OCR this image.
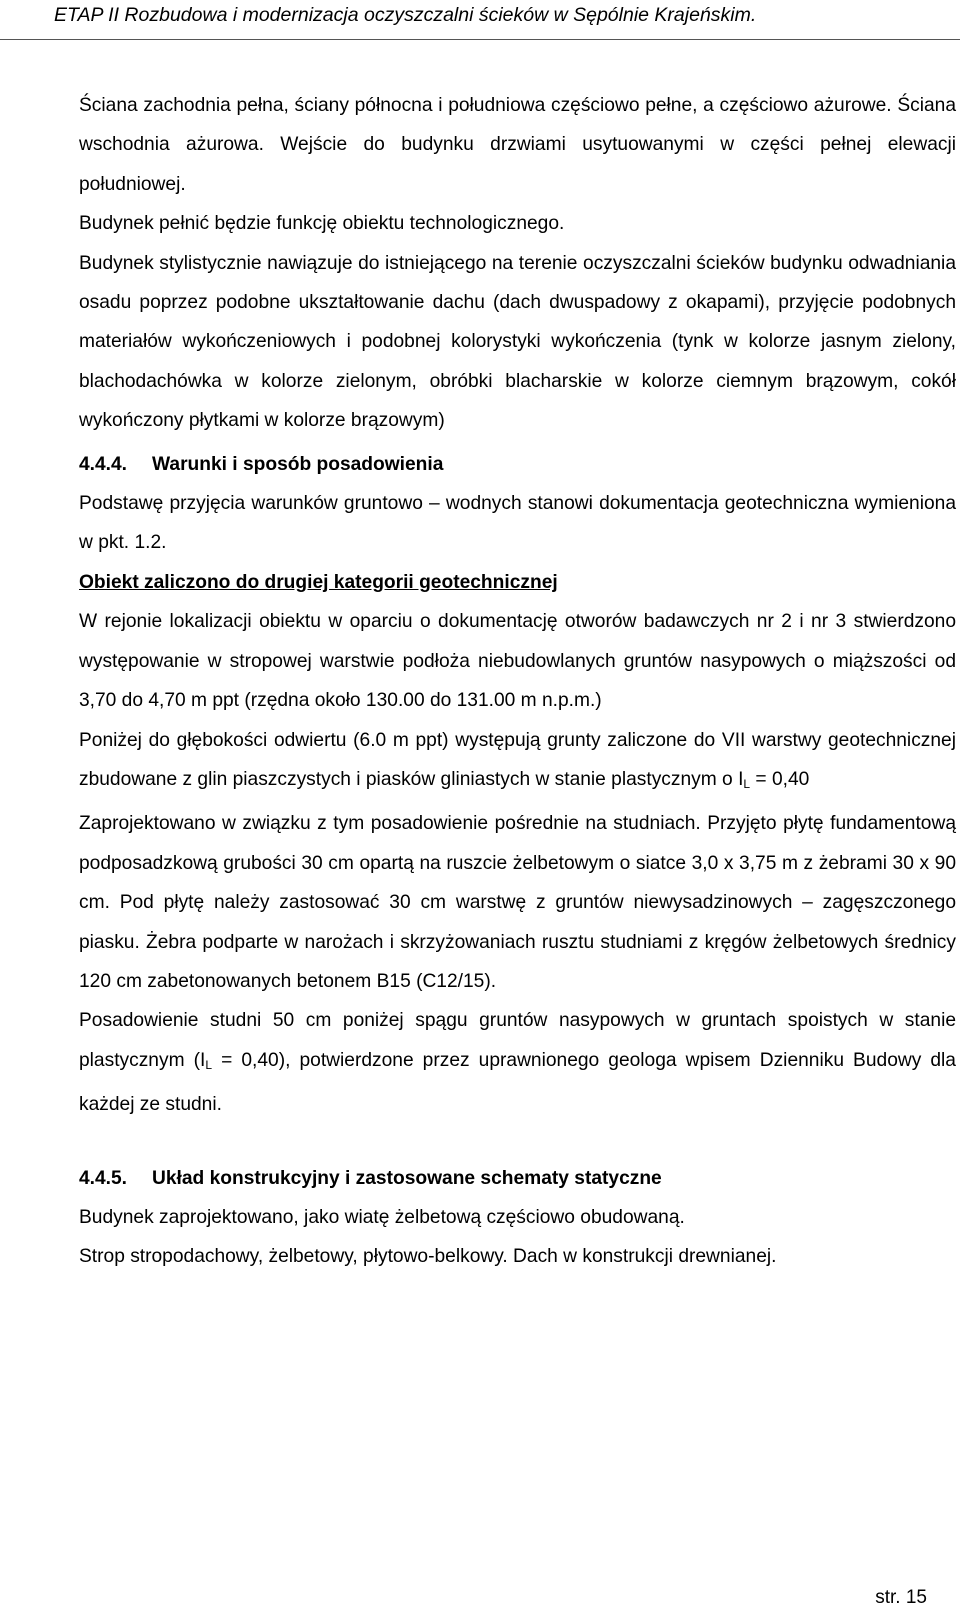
ETAP II Rozbudowa i modernizacja oczyszczalni ścieków w Sępólnie Krajeńskim.

Ściana zachodnia pełna, ściany północna i południowa częściowo pełne, a częściowo ażurowe. Ściana wschodnia ażurowa. Wejście do budynku drzwiami usytuowanymi w części pełnej elewacji południowej.

Budynek pełnić będzie funkcję obiektu technologicznego.

Budynek stylistycznie nawiązuje do istniejącego na terenie oczyszczalni ścieków budynku odwadniania osadu poprzez podobne ukształtowanie dachu (dach dwuspadowy z okapami), przyjęcie podobnych materiałów wykończeniowych i podobnej kolorystyki wykończenia (tynk w kolorze jasnym zielony, blachodachówka w kolorze zielonym, obróbki blacharskie w kolorze ciemnym brązowym, cokół wykończony płytkami w kolorze brązowym)

4.4.4. Warunki i sposób posadowienia

Podstawę przyjęcia warunków gruntowo – wodnych stanowi dokumentacja geotechniczna wymieniona w pkt. 1.2.

Obiekt zaliczono do drugiej kategorii geotechnicznej

W rejonie lokalizacji obiektu w oparciu o dokumentację otworów badawczych nr 2 i nr 3 stwierdzono występowanie w stropowej warstwie podłoża niebudowlanych gruntów nasypowych o miąższości od 3,70 do 4,70 m ppt (rzędna około 130.00 do 131.00 m n.p.m.)

Poniżej do głębokości odwiertu (6.0 m ppt) występują grunty zaliczone do VII warstwy geotechnicznej zbudowane z glin piaszczystych i piasków gliniastych w stanie plastycznym o $I_L = 0,40$

Zaprojektowano w związku z tym posadowienie pośrednie na studniach. Przyjęto płytę fundamentową podposadzkową grubości 30 cm opartą na ruszcie żelbetowym o siatce 3,0 x 3,75 m z żebrami 30 x 90 cm. Pod płytę należy zastosować 30 cm warstwę z gruntów niewysadzinowych – zagęszczonego piasku. Żebra podparte w narożach i skrzyżowaniach rusztu studniami z kręgów żelbetowych średnicy 120 cm zabetonowanych betonem B15 (C12/15).

Posadowienie studni 50 cm poniżej spągu gruntów nasypowych w gruntach spoistych w stanie plastycznym $(I_L = 0,40)$, potwierdzone przez uprawnionego geologa wpisem Dzienniku Budowy dla każdej ze studni.

4.4.5. Układ konstrukcyjny i zastosowane schematy statyczne

Budynek zaprojektowano, jako wiatę żelbetową częściowo obudowaną.

Strop stropodachowy, żelbetowy, płytowo-belkowy. Dach w konstrukcji drewnianej.

str. 15
